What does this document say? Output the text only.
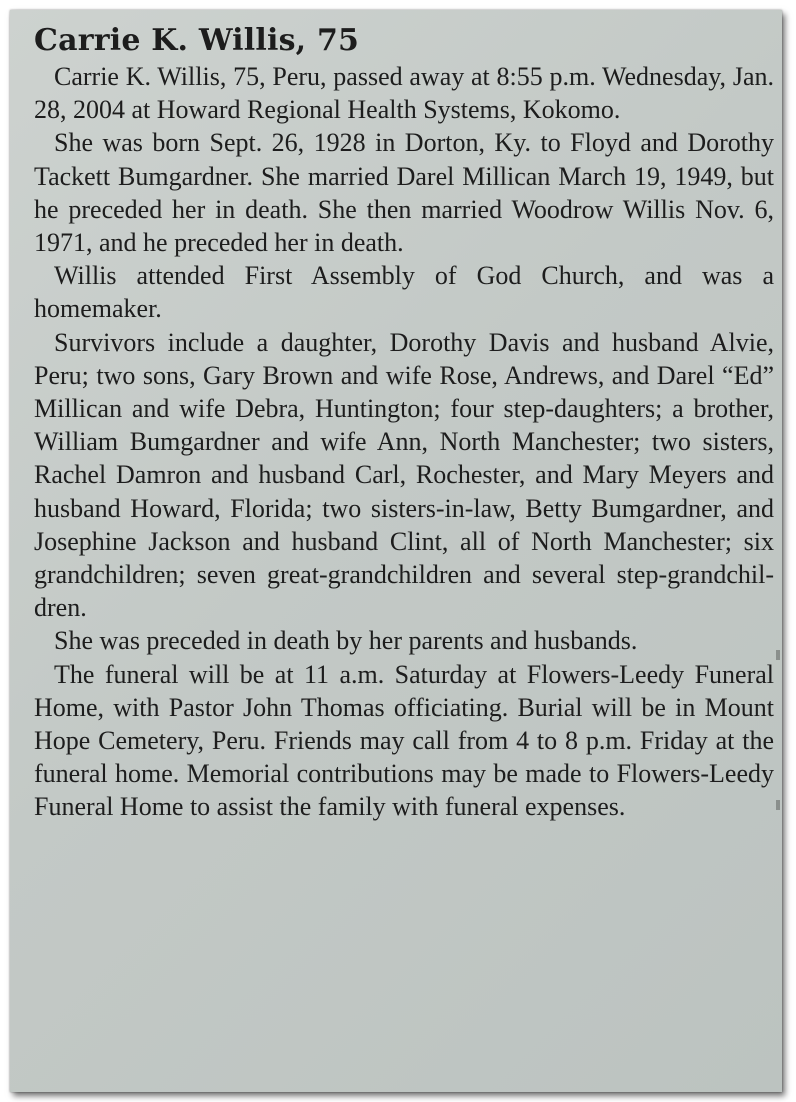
Carrie K. Willis, 75

Carrie K. Willis, 75, Peru, passed away at 8:55 p.m. Wednesday, Jan. 28, 2004 at Howard Regional Health Systems, Kokomo.

She was born Sept. 26, 1928 in Dorton, Ky. to Floyd and Dorothy Tackett Bumgardner. She married Darel Millican March 19, 1949, but he preceded her in death. She then married Woodrow Willis Nov. 6, 1971, and he preceded her in death.

Willis attended First Assembly of God Church, and was a homemaker.

Survivors include a daughter, Dorothy Davis and husband Alvie, Peru; two sons, Gary Brown and wife Rose, Andrews, and Darel “Ed” Millican and wife Debra, Huntington; four step-daughters; a brother, William Bumgardner and wife Ann, North Manchester; two sisters, Rachel Damron and husband Carl, Rochester, and Mary Meyers and husband Howard, Florida; two sisters-in-law, Betty Bumgardner, and Josephine Jackson and husband Clint, all of North Manchester; six grandchildren; seven great-grandchildren and several step-grandchildren.

She was preceded in death by her parents and husbands.

The funeral will be at 11 a.m. Saturday at Flowers-Leedy Funeral Home, with Pastor John Thomas officiating. Burial will be in Mount Hope Cemetery, Peru. Friends may call from 4 to 8 p.m. Friday at the funeral home. Memorial contributions may be made to Flowers-Leedy Funeral Home to assist the family with funeral expenses.
